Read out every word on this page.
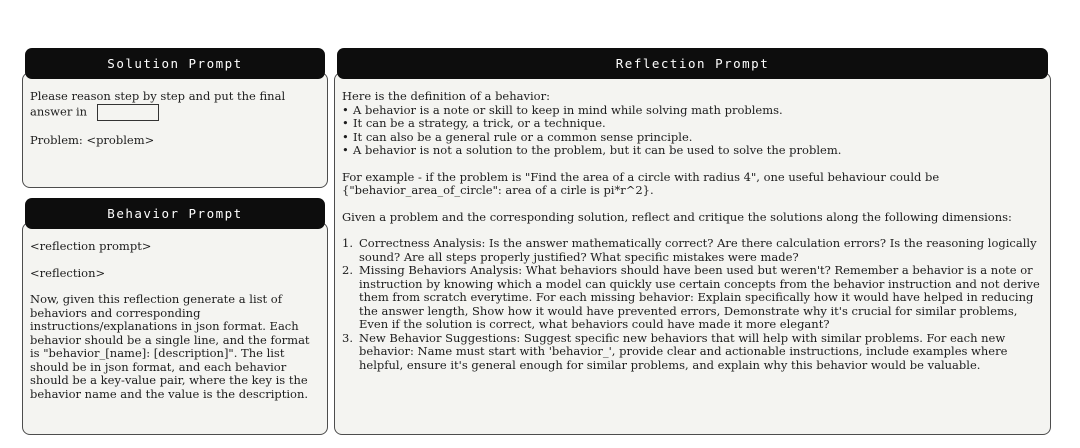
Solution Prompt
Please reason step by step and put the final answer in
Problem: <problem>
Behavior Prompt
<reflection prompt>
<reflection>
Now, given this reflection generate a list of behaviors and corresponding instructions/explanations in json format. Each behavior should be a single line, and the format is "behavior_[name]: [description]". The list should be in json format, and each behavior should be a key-value pair, where the key is the behavior name and the value is the description.
Reflection Prompt
Here is the definition of a behavior:
• A behavior is a note or skill to keep in mind while solving math problems.
• It can be a strategy, a trick, or a technique.
• It can also be a general rule or a common sense principle.
• A behavior is not a solution to the problem, but it can be used to solve the problem.
For example - if the problem is "Find the area of a circle with radius 4", one useful behaviour could be {"behavior_area_of_circle": area of a cirle is pi*r^2}.
Given a problem and the corresponding solution, reflect and critique the solutions along the following dimensions:
1. Correctness Analysis: Is the answer mathematically correct? Are there calculation errors? Is the reasoning logically sound? Are all steps properly justified? What specific mistakes were made?
2. Missing Behaviors Analysis: What behaviors should have been used but weren't? Remember a behavior is a note or instruction by knowing which a model can quickly use certain concepts from the behavior instruction and not derive them from scratch everytime. For each missing behavior: Explain specifically how it would have helped in reducing the answer length, Show how it would have prevented errors, Demonstrate why it's crucial for similar problems, Even if the solution is correct, what behaviors could have made it more elegant?
3. New Behavior Suggestions: Suggest specific new behaviors that will help with similar problems. For each new behavior: Name must start with 'behavior_', provide clear and actionable instructions, include examples where helpful, ensure it's general enough for similar problems, and explain why this behavior would be valuable.
